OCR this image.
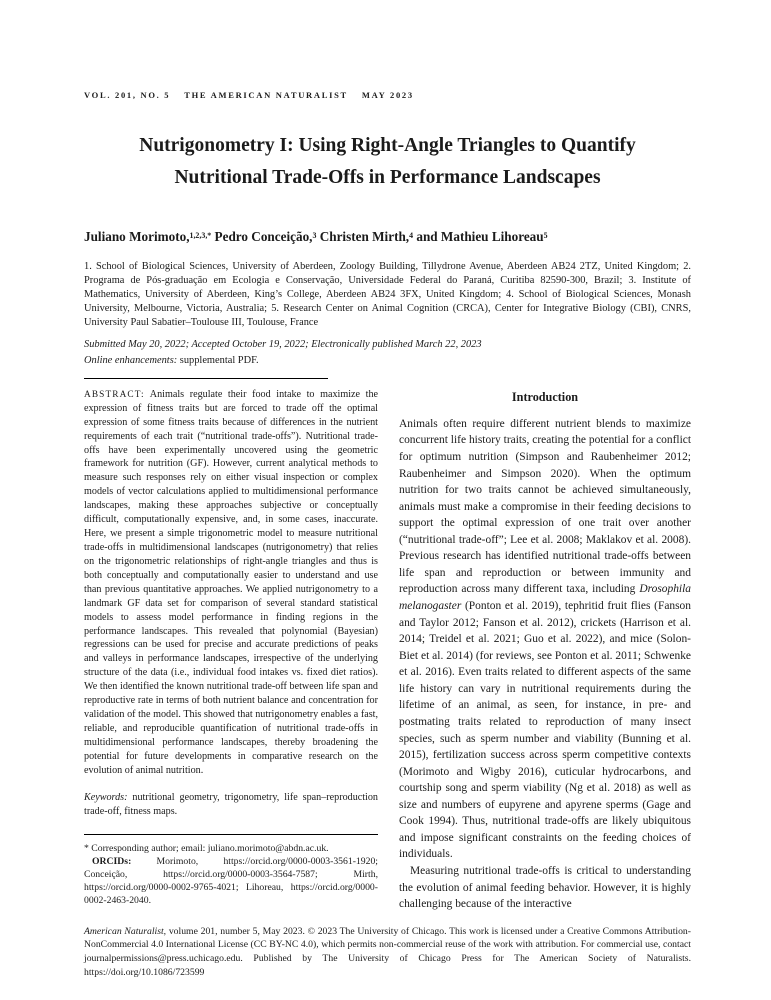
VOL. 201, NO. 5 THE AMERICAN NATURALIST MAY 2023
Nutrigonometry I: Using Right-Angle Triangles to Quantify Nutritional Trade-Offs in Performance Landscapes

Juliano Morimoto,$^{1,2,3,*}$ Pedro Conceição,$^3$ Christen Mirth,$^4$ and Mathieu Lihoreau$^5$

1. School of Biological Sciences, University of Aberdeen, Zoology Building, Tillydrone Avenue, Aberdeen AB24 2TZ, United Kingdom; 2. Programa de Pós-graduação em Ecologia e Conservação, Universidade Federal do Paraná, Curitiba 82590-300, Brazil; 3. Institute of Mathematics, University of Aberdeen, King’s College, Aberdeen AB24 3FX, United Kingdom; 4. School of Biological Sciences, Monash University, Melbourne, Victoria, Australia; 5. Research Center on Animal Cognition (CRCA), Center for Integrative Biology (CBI), CNRS, University Paul Sabatier–Toulouse III, Toulouse, France

Submitted May 20, 2022; Accepted October 19, 2022; Electronically published March 22, 2023

Online enhancements: supplemental PDF.

ABSTRACT: Animals regulate their food intake to maximize the expression of fitness traits but are forced to trade off the optimal expression of some fitness traits because of differences in the nutrient requirements of each trait (“nutritional trade-offs”). Nutritional trade-offs have been experimentally uncovered using the geometric framework for nutrition (GF). However, current analytical methods to measure such responses rely on either visual inspection or complex models of vector calculations applied to multidimensional performance landscapes, making these approaches subjective or conceptually difficult, computationally expensive, and, in some cases, inaccurate. Here, we present a simple trigonometric model to measure nutritional trade-offs in multidimensional landscapes (nutrigonometry) that relies on the trigonometric relationships of right-angle triangles and thus is both conceptually and computationally easier to understand and use than previous quantitative approaches. We applied nutrigonometry to a landmark GF data set for comparison of several standard statistical models to assess model performance in finding regions in the performance landscapes. This revealed that polynomial (Bayesian) regressions can be used for precise and accurate predictions of peaks and valleys in performance landscapes, irrespective of the underlying structure of the data (i.e., individual food intakes vs. fixed diet ratios). We then identified the known nutritional trade-off between life span and reproductive rate in terms of both nutrient balance and concentration for validation of the model. This showed that nutrigonometry enables a fast, reliable, and reproducible quantification of nutritional trade-offs in multidimensional performance landscapes, thereby broadening the potential for future developments in comparative research on the evolution of animal nutrition.

Keywords: nutritional geometry, trigonometry, life span–reproduction trade-off, fitness maps.

* Corresponding author; email: juliano.morimoto@abdn.ac.uk.

ORCIDs: Morimoto, https://orcid.org/0000-0003-3561-1920; Conceição, https://orcid.org/0000-0003-3564-7587; Mirth, https://orcid.org/0000-0002-9765-4021; Lihoreau, https://orcid.org/0000-0002-2463-2040.

Introduction

Animals often require different nutrient blends to maximize concurrent life history traits, creating the potential for a conflict for optimum nutrition (Simpson and Raubenheimer 2012; Raubenheimer and Simpson 2020). When the optimum nutrition for two traits cannot be achieved simultaneously, animals must make a compromise in their feeding decisions to support the optimal expression of one trait over another (“nutritional trade-off”; Lee et al. 2008; Maklakov et al. 2008). Previous research has identified nutritional trade-offs between life span and reproduction or between immunity and reproduction across many different taxa, including Drosophila melanogaster (Ponton et al. 2019), tephritid fruit flies (Fanson and Taylor 2012; Fanson et al. 2012), crickets (Harrison et al. 2014; Treidel et al. 2021; Guo et al. 2022), and mice (Solon-Biet et al. 2014) (for reviews, see Ponton et al. 2011; Schwenke et al. 2016). Even traits related to different aspects of the same life history can vary in nutritional requirements during the lifetime of an animal, as seen, for instance, in pre- and postmating traits related to reproduction of many insect species, such as sperm number and viability (Bunning et al. 2015), fertilization success across sperm competitive contexts (Morimoto and Wigby 2016), cuticular hydrocarbons, and courtship song and sperm viability (Ng et al. 2018) as well as size and numbers of eupyrene and apyrene sperms (Gage and Cook 1994). Thus, nutritional trade-offs are likely ubiquitous and impose significant constraints on the feeding choices of individuals.

Measuring nutritional trade-offs is critical to understanding the evolution of animal feeding behavior. However, it is highly challenging because of the interactive

American Naturalist, volume 201, number 5, May 2023. © 2023 The University of Chicago. This work is licensed under a Creative Commons Attribution-NonCommercial 4.0 International License (CC BY-NC 4.0), which permits non-commercial reuse of the work with attribution. For commercial use, contact journalpermissions@press.uchicago.edu. Published by The University of Chicago Press for The American Society of Naturalists. https://doi.org/10.1086/723599
